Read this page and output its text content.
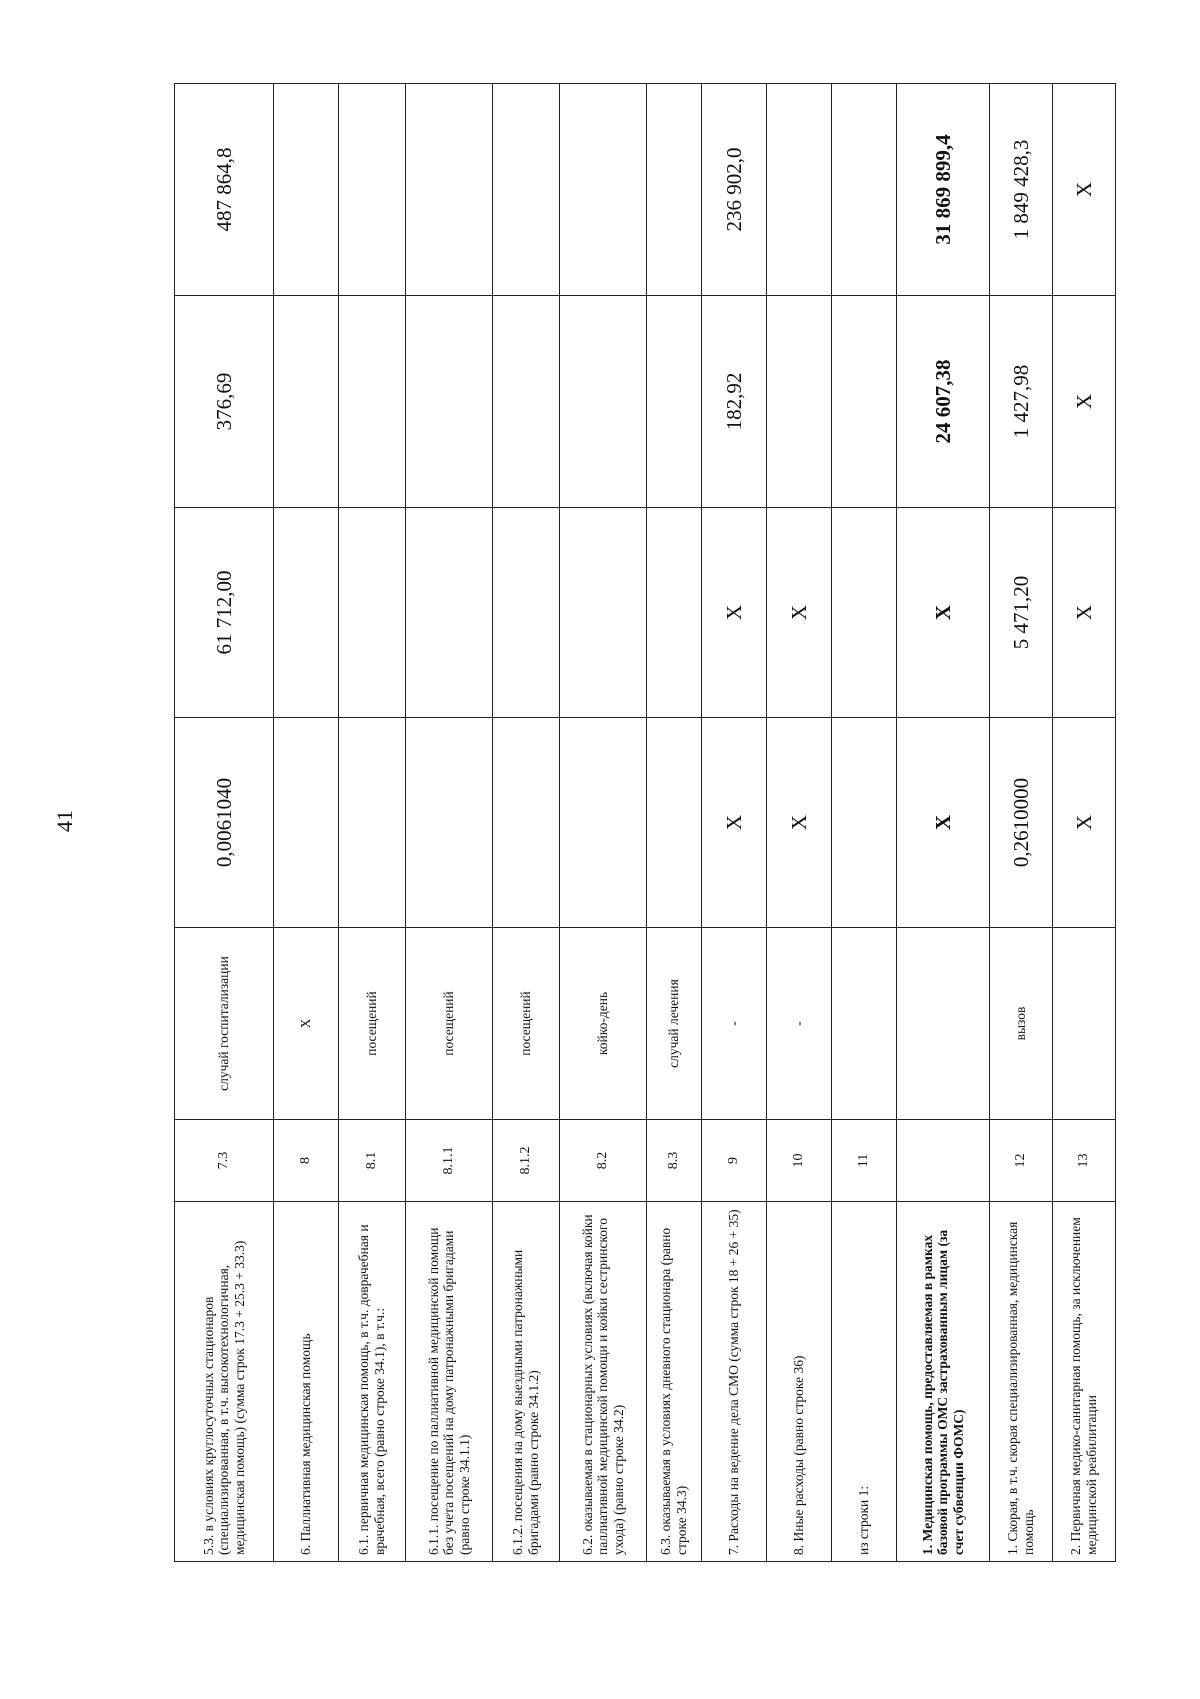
41
5.3. в условиях круглосуточных стационаров (специализированная, в т.ч. высокотехнологичная, медицинская помощь) (сумма строк 17.3 + 25.3 + 33.3)	7.3	случай госпитализации	0,0061040	61 712,00	376,69	487 864,8
6. Паллиативная медицинская помощь	8	Х				
6.1. первичная медицинская помощь, в т.ч. доврачебная и врачебная, всего (равно строке 34.1), в т.ч.:	8.1	посещений				
6.1.1. посещение по паллиативной медицинской помощи без учета посещений на дому патронажными бригадами (равно строке 34.1.1)	8.1.1	посещений				
6.1.2. посещения на дому выездными патронажными бригадами (равно строке 34.1.2)	8.1.2	посещений				
6.2. оказываемая в стационарных условиях (включая койки паллиативной медицинской помощи и койки сестринского ухода) (равно строке 34.2)	8.2	койко-день				
6.3. оказываемая в условиях дневного стационара (равно строке 34.3)	8.3	случай лечения				
7. Расходы на ведение дела СМО (сумма строк 18 + 26 + 35)	9	-	Х	Х	182,92	236 902,0
8. Иные расходы (равно строке 36)	10	-	Х	Х		
из строки 1:	11					
1. Медицинская помощь, предоставляемая в рамках базовой программы ОМС застрахованным лицам (за счет субвенции ФОМС)			Х	Х	24 607,38	31 869 899,4
1. Скорая, в т.ч. скорая специализированная, медицинская помощь	12	вызов	0,2610000	5 471,20	1 427,98	1 849 428,3
2. Первичная медико-санитарная помощь, за исключением медицинской реабилитации	13		Х	Х	Х	Х
